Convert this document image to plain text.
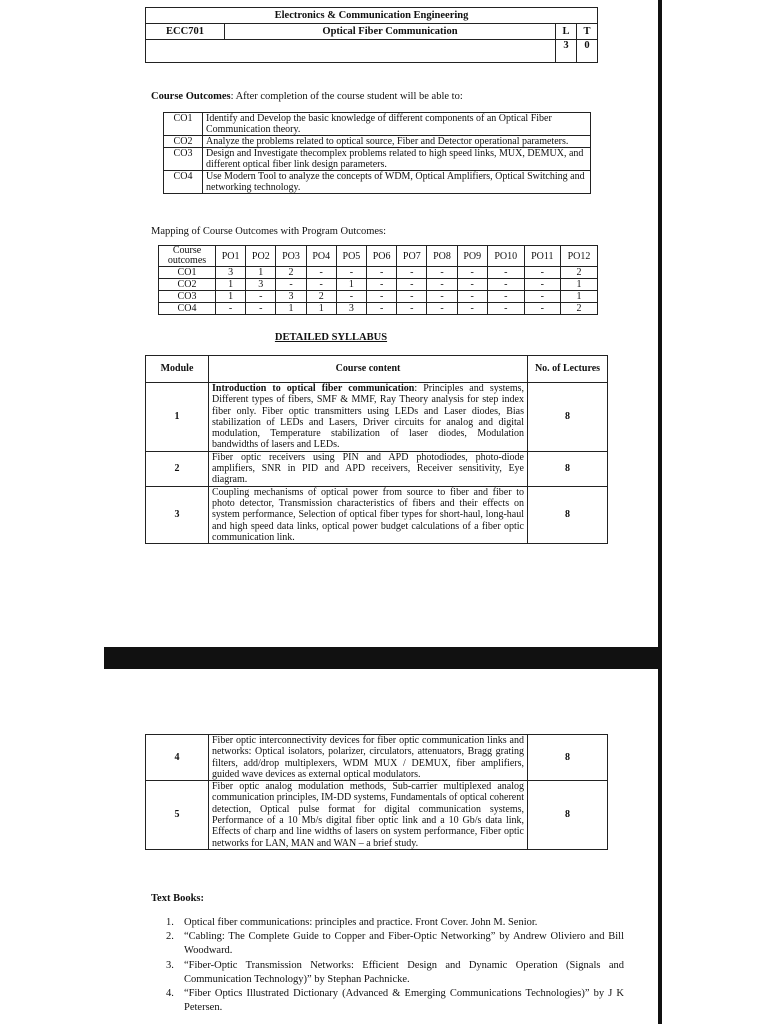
Electronics & Communication Engineering			
ECC701	Optical Fiber Communication	L	T
		3	0
Course Outcomes: After completion of the course student will be able to:
CO1	Identify and Develop the basic knowledge of different components of an Optical Fiber Communication theory.
CO2	Analyze the problems related to optical source, Fiber and Detector operational parameters.
CO3	Design and Investigate thecomplex problems related to high speed links, MUX, DEMUX, and different optical fiber link design parameters.
CO4	Use Modern Tool to analyze the concepts of WDM, Optical Amplifiers, Optical Switching and networking technology.
Mapping of Course Outcomes with Program Outcomes:
Course outcomes	PO1	PO2	PO3	PO4	PO5	PO6	PO7	PO8	PO9	PO10	PO11	PO12
CO1	3	1	2	-	-	-	-	-	-	-	-	2
CO2	1	3	-	-	1	-	-	-	-	-	-	1
CO3	1	-	3	2	-	-	-	-	-	-	-	1
CO4	-	-	1	1	3	-	-	-	-	-	-	2
DETAILED SYLLABUS
Module	Course content	No. of Lectures
1	Introduction to optical fiber communication: Principles and systems, Different types of fibers, SMF & MMF, Ray Theory analysis for step index fiber only. Fiber optic transmitters using LEDs and Laser diodes, Bias stabilization of LEDs and Lasers, Driver circuits for analog and digital modulation, Temperature stabilization of laser diodes, Modulation bandwidths of lasers and LEDs.	8
2	Fiber optic receivers using PIN and APD photodiodes, photo-diode amplifiers, SNR in PID and APD receivers, Receiver sensitivity, Eye diagram.	8
3	Coupling mechanisms of optical power from source to fiber and fiber to photo detector, Transmission characteristics of fibers and their effects on system performance, Selection of optical fiber types for short-haul, long-haul and high speed data links, optical power budget calculations of a fiber optic communication link.	8
4	Fiber optic interconnectivity devices for fiber optic communication links and networks: Optical isolators, polarizer, circulators, attenuators, Bragg grating filters, add/drop multiplexers, WDM MUX / DEMUX, fiber amplifiers, guided wave devices as external optical modulators.	8
5	Fiber optic analog modulation methods, Sub-carrier multiplexed analog communication principles, IM-DD systems, Fundamentals of optical coherent detection, Optical pulse format for digital communication systems, Performance of a 10 Mb/s digital fiber optic link and a 10 Gb/s data link, Effects of charp and line widths of lasers on system performance, Fiber optic networks for LAN, MAN and WAN – a brief study.	8
Text Books:
1. Optical fiber communications: principles and practice. Front Cover. John M. Senior.
2. “Cabling: The Complete Guide to Copper and Fiber-Optic Networking” by Andrew Oliviero and Bill Woodward.
3. “Fiber-Optic Transmission Networks: Efficient Design and Dynamic Operation (Signals and Communication Technology)” by Stephan Pachnicke.
4. “Fiber Optics Illustrated Dictionary (Advanced & Emerging Communications Technologies)” by J K Petersen.
